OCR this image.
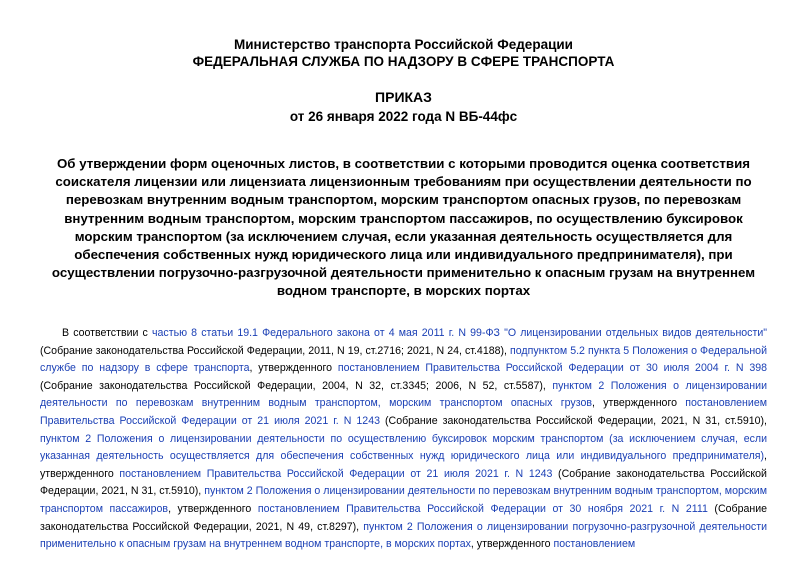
Министерство транспорта Российской Федерации
ФЕДЕРАЛЬНАЯ СЛУЖБА ПО НАДЗОРУ В СФЕРЕ ТРАНСПОРТА
ПРИКАЗ
от 26 января 2022 года N ВБ-44фс

Об утверждении форм оценочных листов, в соответствии с которыми проводится оценка соответствия соискателя лицензии или лицензиата лицензионным требованиям при осуществлении деятельности по перевозкам внутренним водным транспортом, морским транспортом опасных грузов, по перевозкам внутренним водным транспортом, морским транспортом пассажиров, по осуществлению буксировок морским транспортом (за исключением случая, если указанная деятельность осуществляется для обеспечения собственных нужд юридического лица или индивидуального предпринимателя), при осуществлении погрузочно-разгрузочной деятельности применительно к опасным грузам на внутреннем водном транспорте, в морских портах

В соответствии с частью 8 статьи 19.1 Федерального закона от 4 мая 2011 г. N 99-ФЗ "О лицензировании отдельных видов деятельности" (Собрание законодательства Российской Федерации, 2011, N 19, ст.2716; 2021, N 24, ст.4188), подпунктом 5.2 пункта 5 Положения о Федеральной службе по надзору в сфере транспорта, утвержденного постановлением Правительства Российской Федерации от 30 июля 2004 г. N 398 (Собрание законодательства Российской Федерации, 2004, N 32, ст.3345; 2006, N 52, ст.5587), пунктом 2 Положения о лицензировании деятельности по перевозкам внутренним водным транспортом, морским транспортом опасных грузов, утвержденного постановлением Правительства Российской Федерации от 21 июля 2021 г. N 1243 (Собрание законодательства Российской Федерации, 2021, N 31, ст.5910), пунктом 2 Положения о лицензировании деятельности по осуществлению буксировок морским транспортом (за исключением случая, если указанная деятельность осуществляется для обеспечения собственных нужд юридического лица или индивидуального предпринимателя), утвержденного постановлением Правительства Российской Федерации от 21 июля 2021 г. N 1243 (Собрание законодательства Российской Федерации, 2021, N 31, ст.5910), пунктом 2 Положения о лицензировании деятельности по перевозкам внутренним водным транспортом, морским транспортом пассажиров, утвержденного постановлением Правительства Российской Федерации от 30 ноября 2021 г. N 2111 (Собрание законодательства Российской Федерации, 2021, N 49, ст.8297), пунктом 2 Положения о лицензировании погрузочно-разгрузочной деятельности применительно к опасным грузам на внутреннем водном транспорте, в морских портах, утвержденного постановлением
